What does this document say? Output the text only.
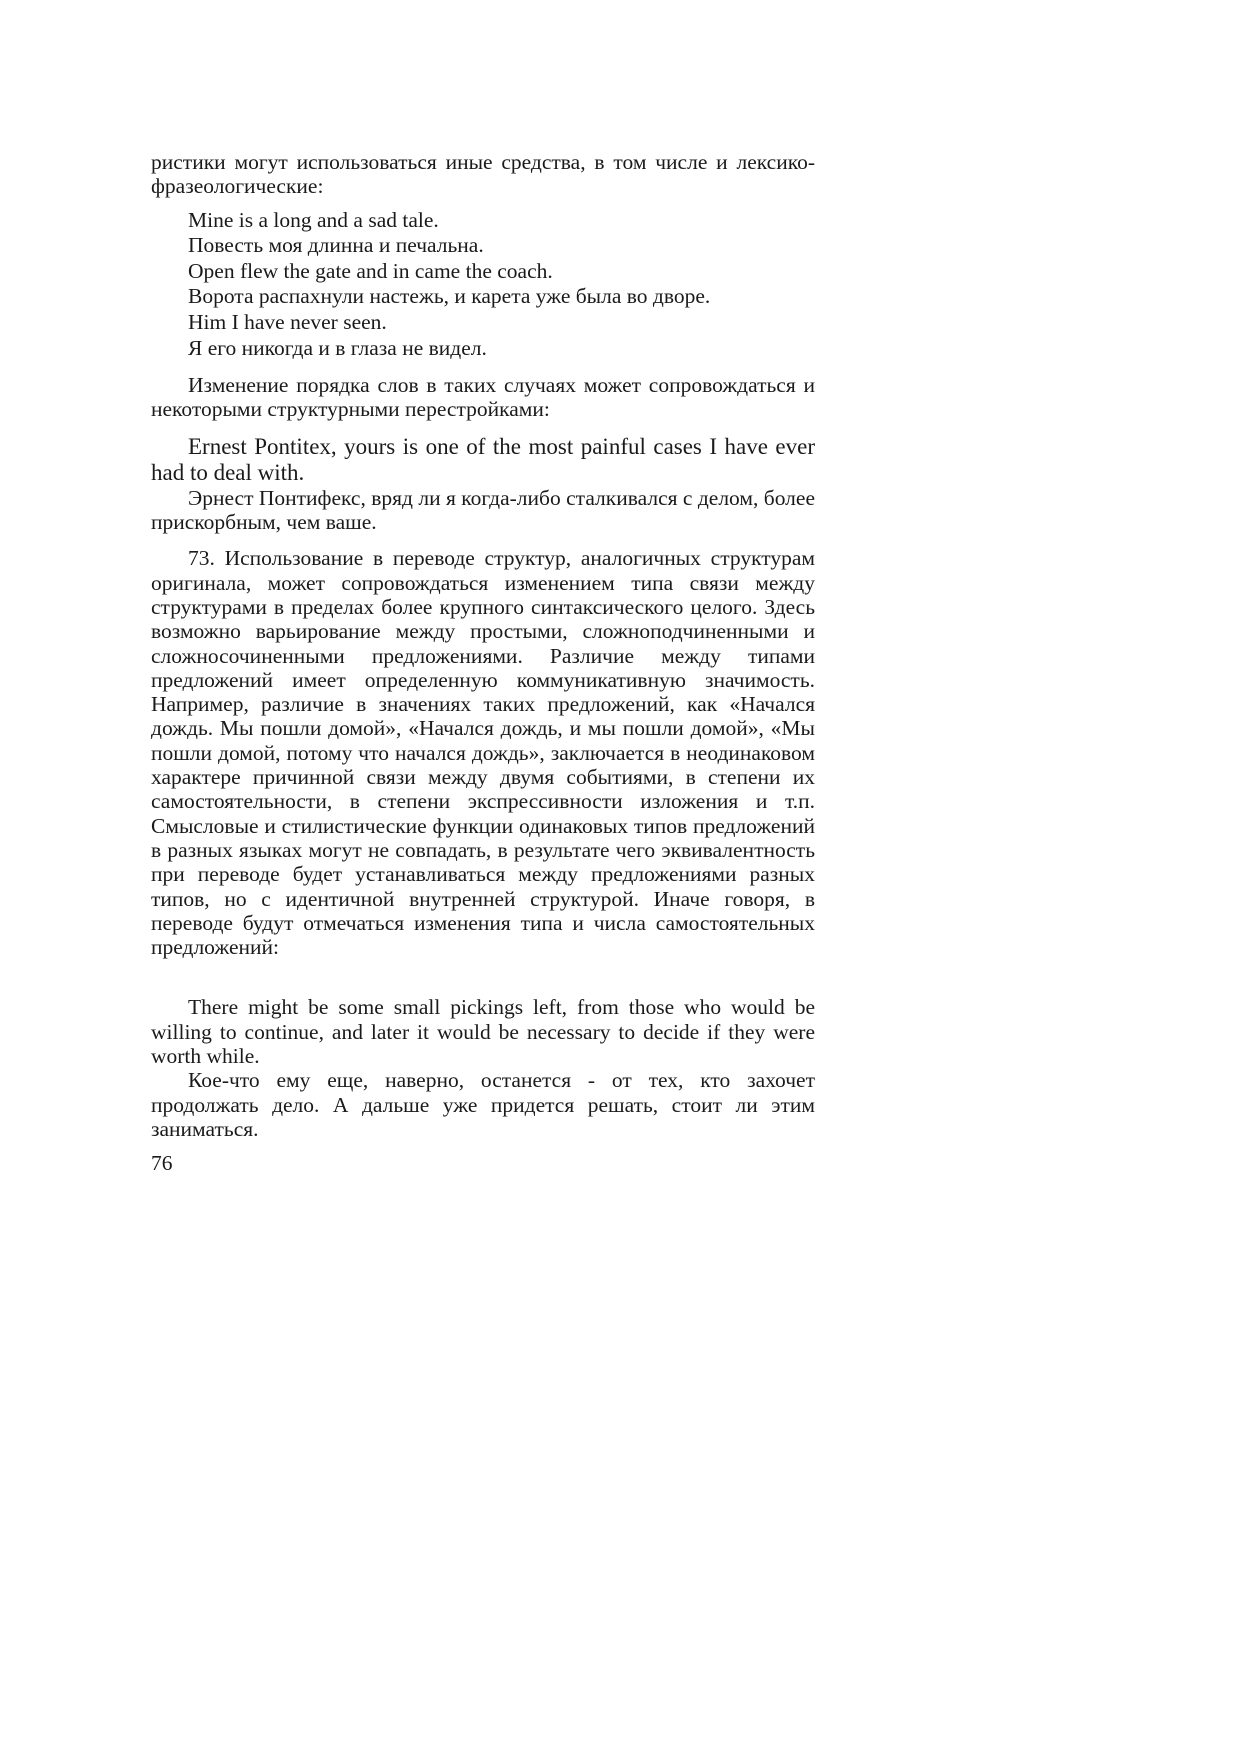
ристики могут использоваться иные средства, в том числе и лексико-фразеологические:

Mine is a long and a sad tale.
Повесть моя длинна и печальна.
Open flew the gate and in came the coach.
Ворота распахнули настежь, и карета уже была во дворе.
Him I have never seen.
Я его никогда и в глаза не видел.

Изменение порядка слов в таких случаях может сопровождаться и некоторыми структурными перестройками:

Ernest Pontitex, yours is one of the most painful cases I have ever had to deal with.

Эрнест Понтифекс, вряд ли я когда-либо сталкивался с делом, более прискорбным, чем ваше.

73. Использование в переводе структур, аналогичных структурам оригинала, может сопровождаться изменением типа связи между структурами в пределах более крупного синтаксического целого. Здесь возможно варьирование между простыми, сложноподчиненными и сложносочиненными предложениями. Различие между типами предложений имеет определенную коммуникативную значимость. Например, различие в значениях таких предложений, как «Начался дождь. Мы пошли домой», «Начался дождь, и мы пошли домой», «Мы пошли домой, потому что начался дождь», заключается в неодинаковом характере причинной связи между двумя событиями, в степени их самостоятельности, в степени экспрессивности изложения и т.п. Смысловые и стилистические функции одинаковых типов предложений в разных языках могут не совпадать, в результате чего эквивалентность при переводе будет устанавливаться между предложениями разных типов, но с идентичной внутренней структурой. Иначе говоря, в переводе будут отмечаться изменения типа и числа самостоятельных предложений:

There might be some small pickings left, from those who would be willing to continue, and later it would be necessary to decide if they were worth while.

Кое-что ему еще, наверно, останется - от тех, кто захочет продолжать дело. А дальше уже придется решать, стоит ли этим заниматься.

76
